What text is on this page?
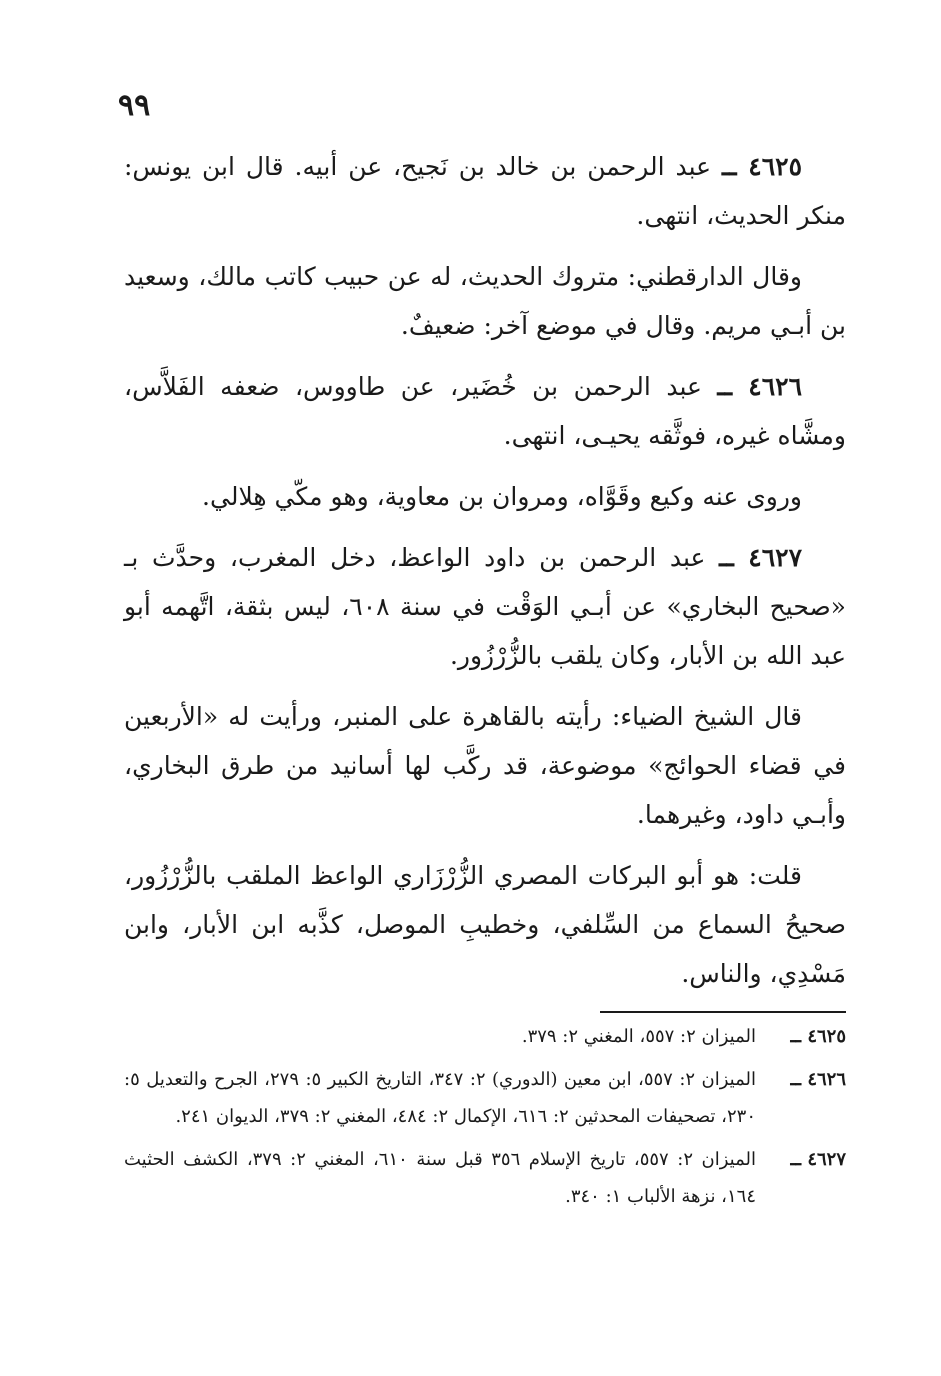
٩٩

٤٦٢٥ ــ عبد الرحمن بن خالد بن نَجيح، عن أبيه. قال ابن يونس: منكر الحديث، انتهى.

وقال الدارقطني: متروك الحديث، له عن حبيب كاتب مالك، وسعيد بن أبـي مريم. وقال في موضع آخر: ضعيفٌ.

٤٦٢٦ ــ عبد الرحمن بن خُضَير، عن طاووس، ضعفه الفَلاَّس، ومشَّاه غيره، فوثَّقه يحيـى، انتهى.

وروى عنه وكيع وقَوَّاه، ومروان بن معاوية، وهو مكّي هِلالي.

٤٦٢٧ ــ عبد الرحمن بن داود الواعظ، دخل المغرب، وحدَّث بـ «صحيح البخاري» عن أبـي الوَقْت في سنة ٦٠٨، ليس بثقة، اتَّهمه أبو عبد الله بن الأبار، وكان يلقب بالزُّرْزُور.

قال الشيخ الضياء: رأيته بالقاهرة على المنبر، ورأيت له «الأربعين في قضاء الحوائج» موضوعة، قد ركَّب لها أسانيد من طرق البخاري، وأبـي داود، وغيرهما.

قلت: هو أبو البركات المصري الزُّرْزَاري الواعظ الملقب بالزُّرْزُور، صحيحُ السماع من السِّلفي، وخطيبِ الموصل، كذَّبه ابن الأبار، وابن مَسْدِي، والناس.

٤٦٢٥ ــ
الميزان ٢: ٥٥٧، المغني ٢: ٣٧٩.
٤٦٢٦ ــ
الميزان ٢: ٥٥٧، ابن معين (الدوري) ٢: ٣٤٧، التاريخ الكبير ٥: ٢٧٩، الجرح والتعديل ٥: ٢٣٠، تصحيفات المحدثين ٢: ٦١٦، الإكمال ٢: ٤٨٤، المغني ٢: ٣٧٩، الديوان ٢٤١.
٤٦٢٧ ــ
الميزان ٢: ٥٥٧، تاريخ الإسلام ٣٥٦ قبل سنة ٦١٠، المغني ٢: ٣٧٩، الكشف الحثيث ١٦٤، نزهة الألباب ١: ٣٤٠.
